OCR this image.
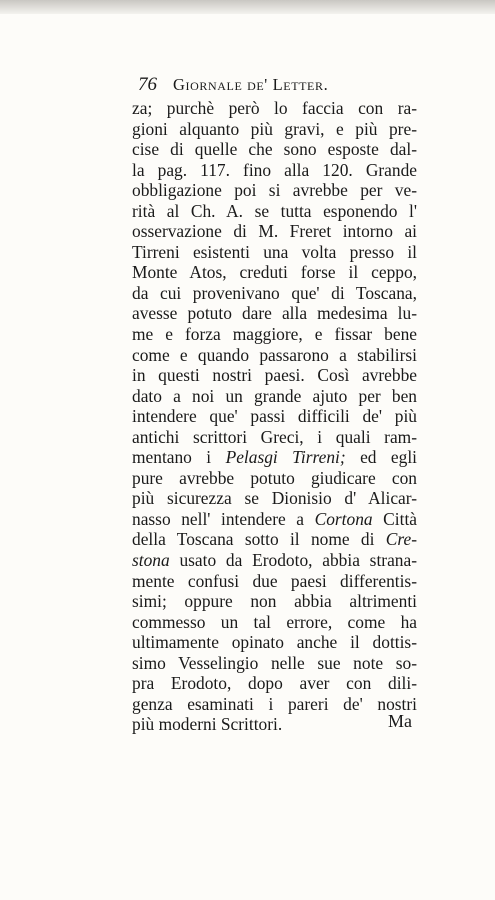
76 Giornale de' Letter.
za; purchè però lo faccia con ra-
gioni alquanto più gravi, e più pre-
cise di quelle che sono esposte dal-
la pag. 117. fino alla 120. Grande
obbligazione poi si avrebbe per ve-
rità al Ch. A. se tutta esponendo l'
osservazione di M. Freret intorno ai
Tirreni esistenti una volta presso il
Monte Atos, creduti forse il ceppo,
da cui provenivano que' di Toscana,
avesse potuto dare alla medesima lu-
me e forza maggiore, e fissar bene
come e quando passarono a stabilirsi
in questi nostri paesi. Così avrebbe
dato a noi un grande ajuto per ben
intendere que' passi difficili de' più
antichi scrittori Greci, i quali ram-
mentano i Pelasgi Tirreni; ed egli
pure avrebbe potuto giudicare con
più sicurezza se Dionisio d' Alicar-
nasso nell' intendere a Cortona Città
della Toscana sotto il nome di Cre-
stona usato da Erodoto, abbia strana-
mente confusi due paesi differentis-
simi; oppure non abbia altrimenti
commesso un tal errore, come ha
ultimamente opinato anche il dottis-
simo Vesselingio nelle sue note so-
pra Erodoto, dopo aver con dili-
genza esaminati i pareri de' nostri
più moderni Scrittori.	Ma
